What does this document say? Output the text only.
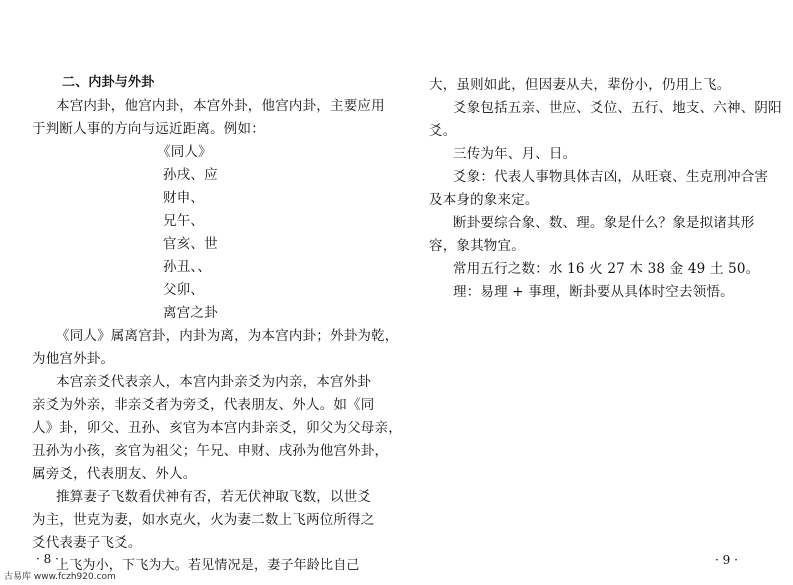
二、内卦与外卦
本宫内卦，他宫内卦，本宫外卦，他宫内卦，主要应用
于判断人事的方向与远近距离。例如：
《同人》
孙戌、应
财申、
兄午、
官亥、世
孙丑、、
父卯、
离宫之卦
《同人》属离宫卦，内卦为离，为本宫内卦；外卦为乾，
为他宫外卦。
本宫亲爻代表亲人，本宫内卦亲爻为内亲，本宫外卦
亲爻为外亲，非亲爻者为旁爻，代表朋友、外人。如《同
人》卦，卯父、丑孙、亥官为本宫内卦亲爻，卯父为父母亲，
丑孙为小孩，亥官为祖父；午兄、申财、戌孙为他宫外卦，
属旁爻，代表朋友、外人。
推算妻子飞数看伏神有否，若无伏神取飞数，以世爻
为主，世克为妻，如水克火，火为妻二数上飞两位所得之
爻代表妻子飞爻。
上飞为小，下飞为大。若见情况是，妻子年龄比自己
· 8 ·
大，虽则如此，但因妻从夫，辈份小，仍用上飞。
爻象包括五亲、世应、爻位、五行、地支、六神、阴阳
爻。
三传为年、月、日。
爻象：代表人事物具体吉凶，从旺衰、生克刑冲合害
及本身的象来定。
断卦要综合象、数、理。象是什么？象是拟诸其形
容，象其物宜。
常用五行之数：水 16 火 27 木 38 金 49 土 50。
理：易理 + 事理，断卦要从具体时空去领悟。
· 9 ·
古易库 www.fczh920.com
